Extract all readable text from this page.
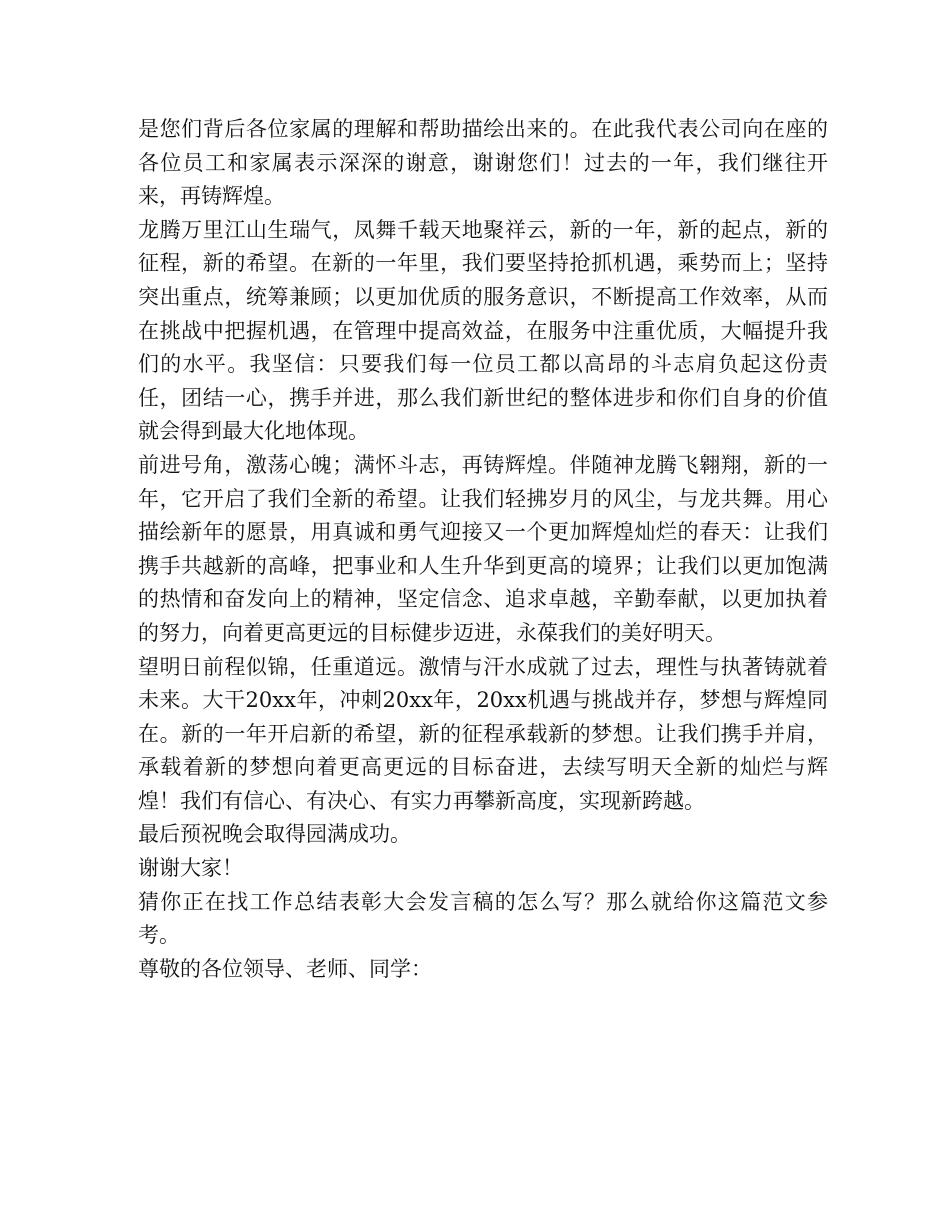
是您们背后各位家属的理解和帮助描绘出来的。在此我代表公司向在座的各位员工和家属表示深深的谢意，谢谢您们！过去的一年，我们继往开来，再铸辉煌。

龙腾万里江山生瑞气，凤舞千载天地聚祥云，新的一年，新的起点，新的征程，新的希望。在新的一年里，我们要坚持抢抓机遇，乘势而上；坚持突出重点，统筹兼顾；以更加优质的服务意识，不断提高工作效率，从而在挑战中把握机遇，在管理中提高效益，在服务中注重优质，大幅提升我们的水平。我坚信：只要我们每一位员工都以高昂的斗志肩负起这份责任，团结一心，携手并进，那么我们新世纪的整体进步和你们自身的价值就会得到最大化地体现。

前进号角，激荡心魄；满怀斗志，再铸辉煌。伴随神龙腾飞翱翔，新的一年，它开启了我们全新的希望。让我们轻拂岁月的风尘，与龙共舞。用心描绘新年的愿景，用真诚和勇气迎接又一个更加辉煌灿烂的春天：让我们携手共越新的高峰，把事业和人生升华到更高的境界；让我们以更加饱满的热情和奋发向上的精神，坚定信念、追求卓越，辛勤奉献，以更加执着的努力，向着更高更远的目标健步迈进，永葆我们的美好明天。

望明日前程似锦，任重道远。激情与汗水成就了过去，理性与执著铸就着未来。大干20xx年，冲刺20xx年，20xx机遇与挑战并存，梦想与辉煌同在。新的一年开启新的希望，新的征程承载新的梦想。让我们携手并肩，承载着新的梦想向着更高更远的目标奋进，去续写明天全新的灿烂与辉煌！我们有信心、有决心、有实力再攀新高度，实现新跨越。

最后预祝晚会取得园满成功。

谢谢大家！

猜你正在找工作总结表彰大会发言稿的怎么写？那么就给你这篇范文参考。

尊敬的各位领导、老师、同学：
